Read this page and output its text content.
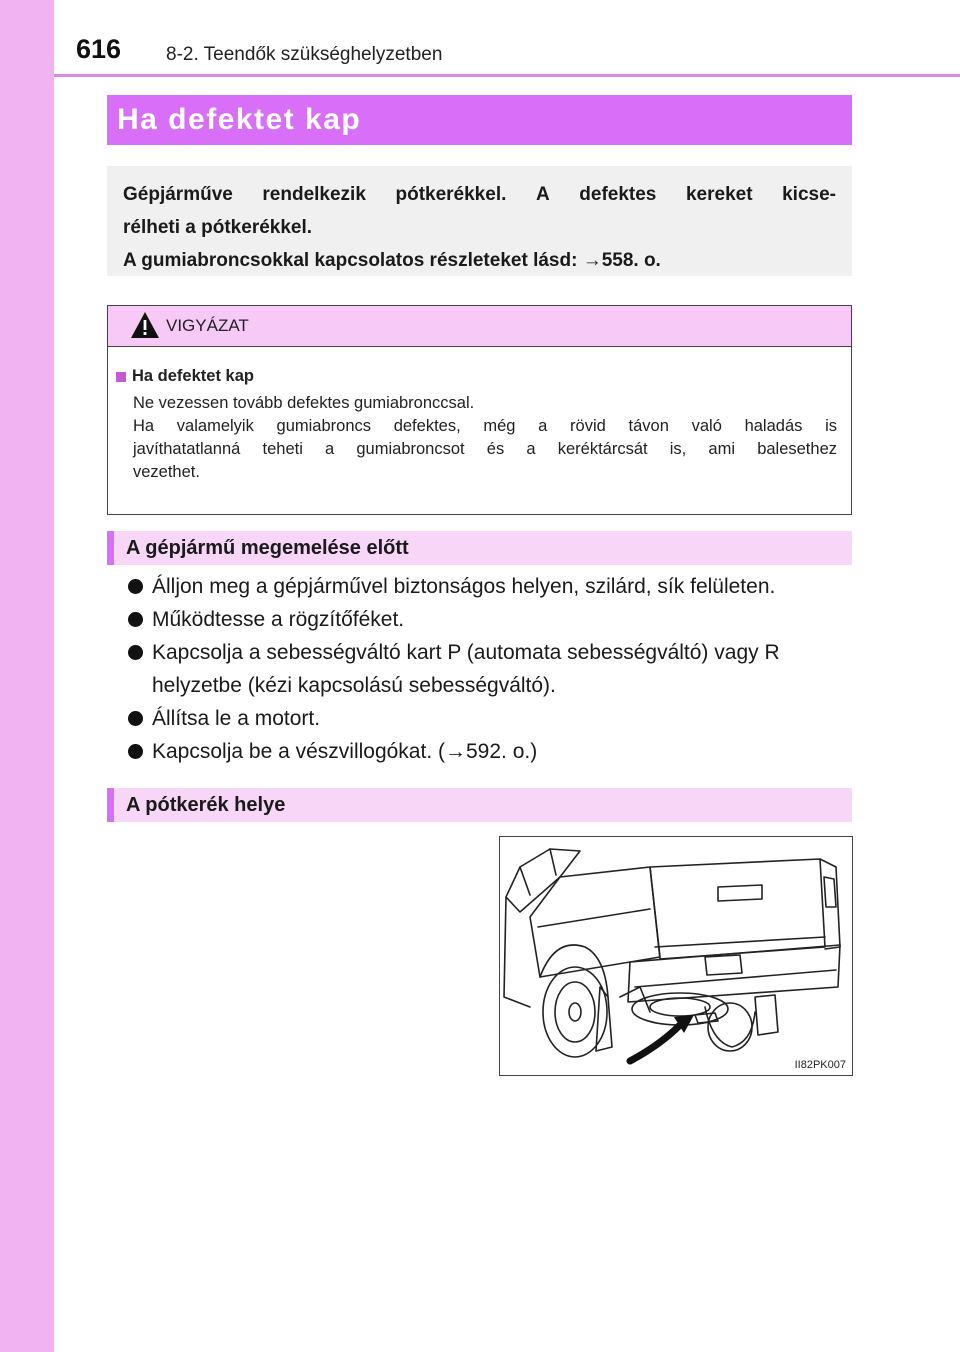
616 8-2. Teendők szükséghelyzetben
Ha defektet kap
Gépjárműve rendelkezik pótkerékkel. A defektes kereket kicse-
rélheti a pótkerékkel.
A gumiabroncsokkal kapcsolatos részleteket lásd: →558. o.
VIGYÁZAT
Ha defektet kap
Ne vezessen tovább defektes gumiabronccsal.
Ha valamelyik gumiabroncs defektes, még a rövid távon való haladás is
javíthatatlanná teheti a gumiabroncsot és a keréktárcsát is, ami balesethez
vezethet.
A gépjármű megemelése előtt
Álljon meg a gépjárművel biztonságos helyen, szilárd, sík felületen.
Működtesse a rögzítőféket.
Kapcsolja a sebességváltó kart P (automata sebességváltó) vagy R helyzetbe (kézi kapcsolású sebességváltó).
Állítsa le a motort.
Kapcsolja be a vészvillogókat. (→592. o.)
A pótkerék helye
II82PK007
